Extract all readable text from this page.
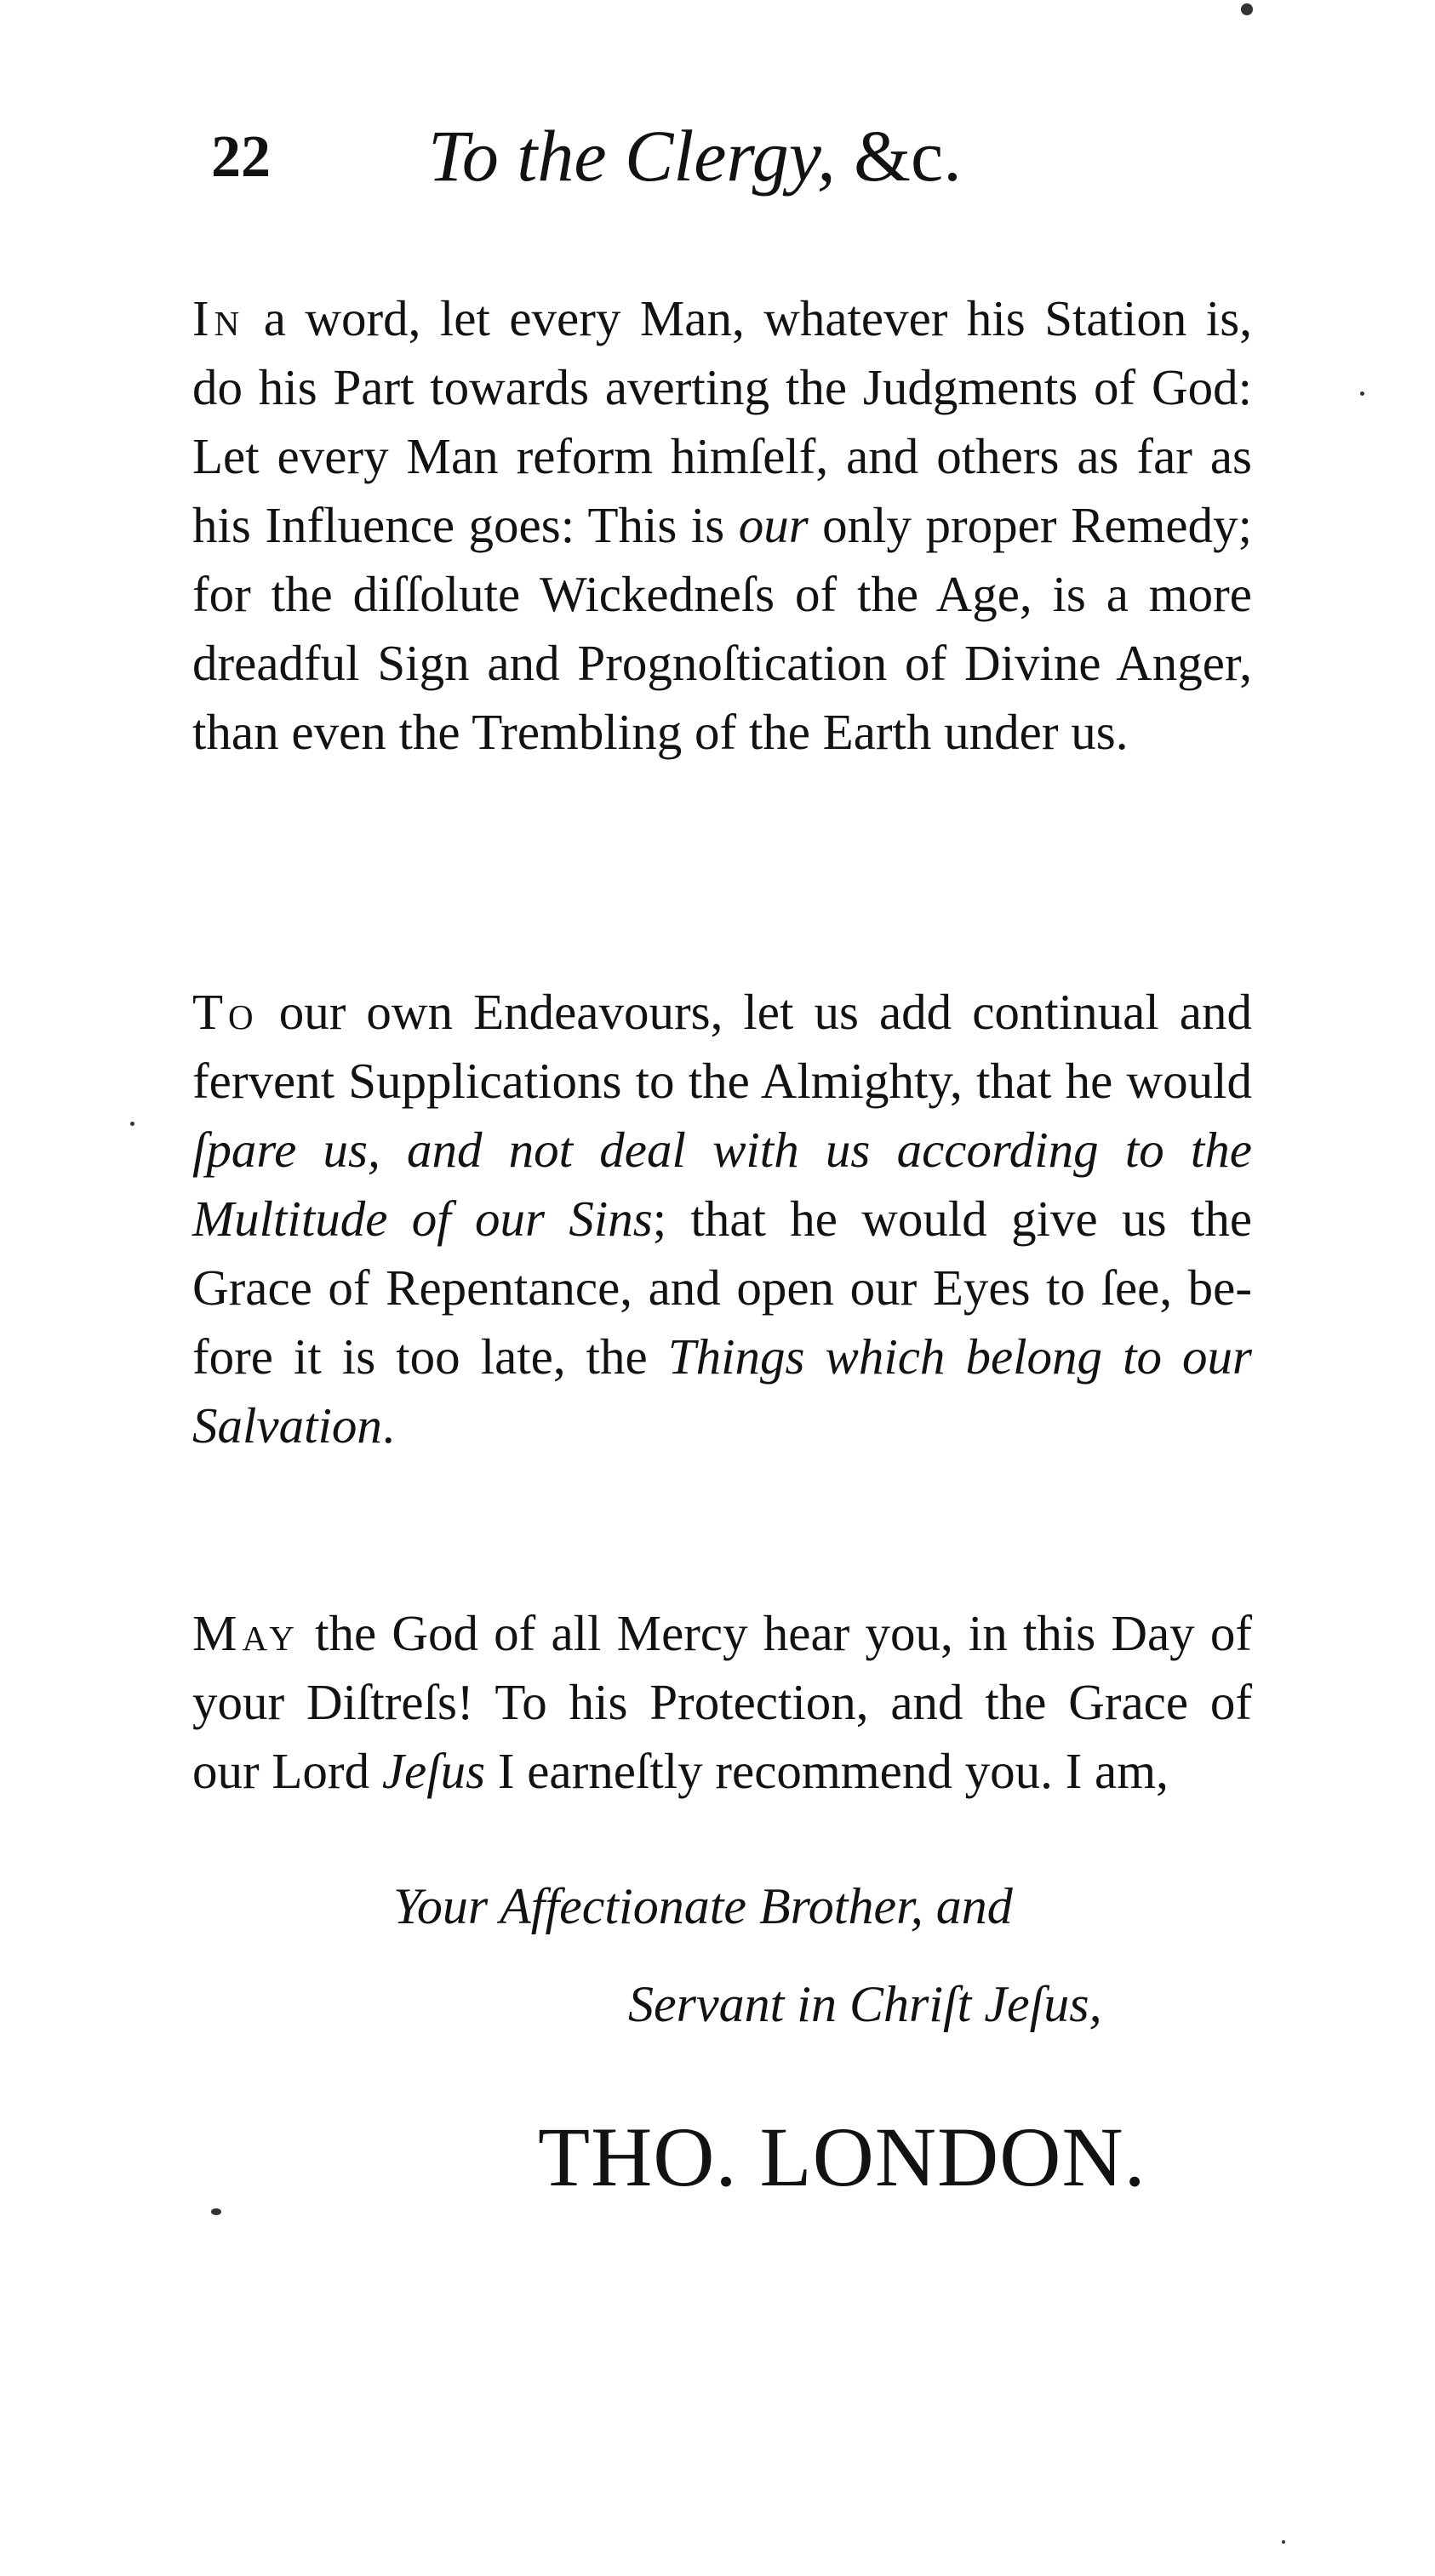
22 To the Clergy, &c.

In a word, let every Man, whatever his Station is, do his Part towards averting the Judgments of God: Let every Man reform himſelf, and others as far as his Influence goes: This is our only proper Remedy; for the diſſolute Wickedneſs of the Age, is a more dreadful Sign and Prognoſtication of Divine Anger, than even the Trembling of the Earth under us.

To our own Endeavours, let us add continual and fervent Supplications to the Almighty, that he would ſpare us, and not deal with us according to the Multitude of our Sins; that he would give us the Grace of Repentance, and open our Eyes to ſee, before it is too late, the Things which belong to our Salvation.

May the God of all Mercy hear you, in this Day of your Diſtreſs! To his Protection, and the Grace of our Lord Jeſus I earneſtly recommend you. I am,

Your Affectionate Brother, and
Servant in Chriſt Jeſus,
THO. LONDON.
